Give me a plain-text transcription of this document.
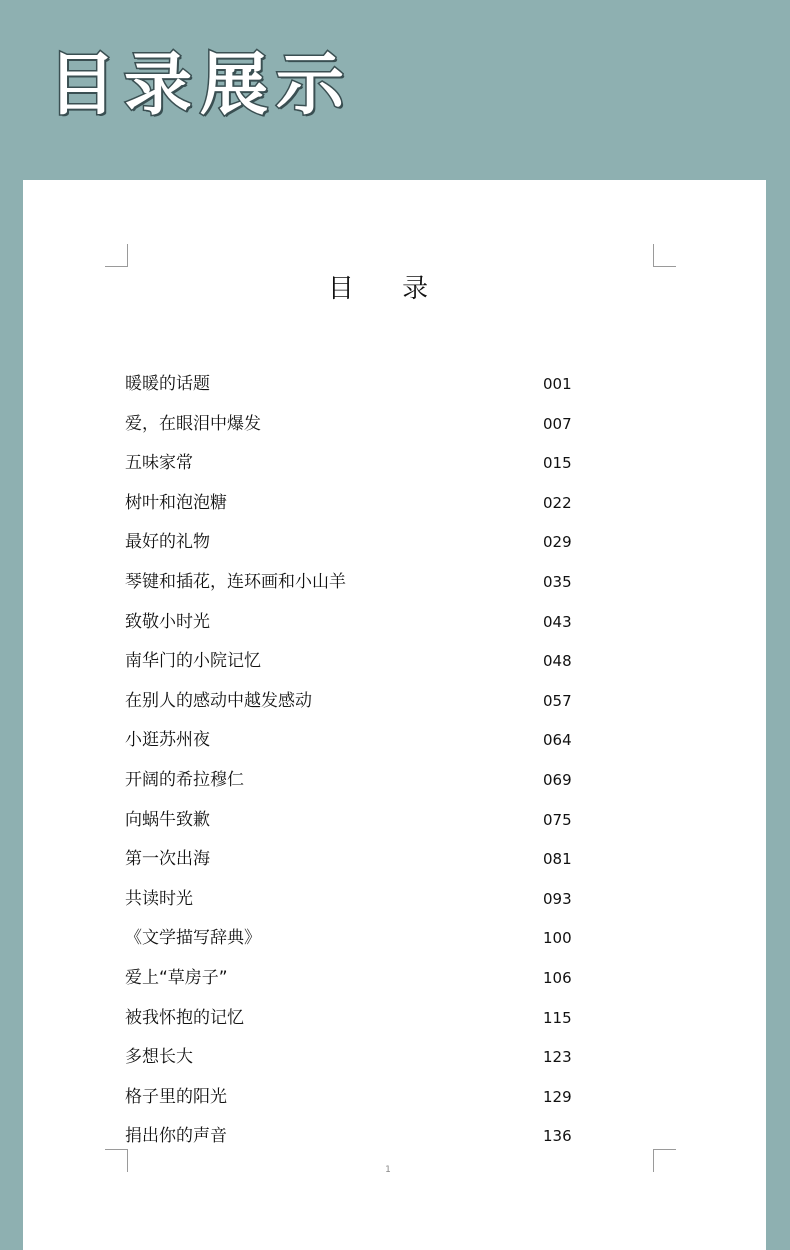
目录展示
目 录
暖暖的话题	001
爱，在眼泪中爆发	007
五味家常	015
树叶和泡泡糖	022
最好的礼物	029
琴键和插花，连环画和小山羊	035
致敬小时光	043
南华门的小院记忆	048
在别人的感动中越发感动	057
小逛苏州夜	064
开阔的希拉穆仁	069
向蜗牛致歉	075
第一次出海	081
共读时光	093
《文学描写辞典》	100
爱上“草房子”	106
被我怀抱的记忆	115
多想长大	123
格子里的阳光	129
捐出你的声音	136
1
